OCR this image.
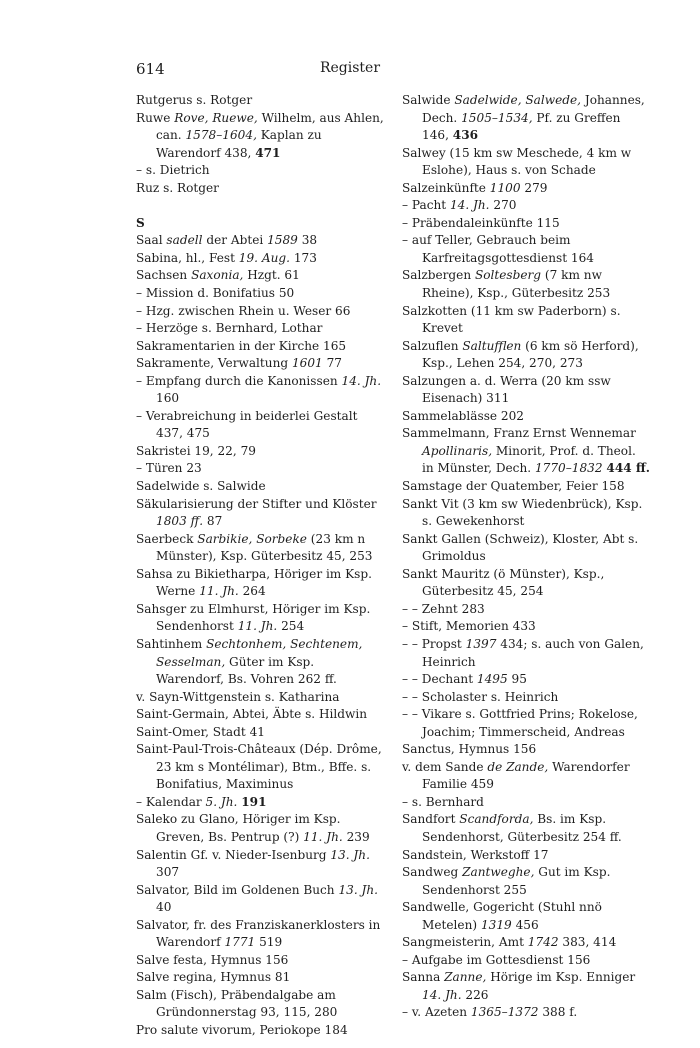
614	Register
Rutgerus s. Rotger
Ruwe Rove, Ruewe, Wilhelm, aus Ahlen, can. 1578–1604, Kaplan zu Warendorf 438, 471
– s. Dietrich
Ruz s. Rotger
S
Saal sadell der Abtei 1589 38
Sabina, hl., Fest 19. Aug. 173
Sachsen Saxonia, Hzgt. 61
– Mission d. Bonifatius 50
– Hzg. zwischen Rhein u. Weser 66
– Herzöge s. Bernhard, Lothar
Sakramentarien in der Kirche 165
Sakramente, Verwaltung 1601 77
– Empfang durch die Kanonissen 14. Jh. 160
– Verabreichung in beiderlei Gestalt 437, 475
Sakristei 19, 22, 79
– Türen 23
Sadelwide s. Salwide
Säkularisierung der Stifter und Klöster 1803 ff. 87
Saerbeck Sarbikie, Sorbeke (23 km n Münster), Ksp. Güterbesitz 45, 253
Sahsa zu Bikietharpa, Höriger im Ksp. Werne 11. Jh. 264
Sahsger zu Elmhurst, Höriger im Ksp. Sendenhorst 11. Jh. 254
Sahtinhem Sechtonhem, Sechtenem, Sesselman, Güter im Ksp. Warendorf, Bs. Vohren 262 ff.
v. Sayn-Wittgenstein s. Katharina
Saint-Germain, Abtei, Äbte s. Hildwin
Saint-Omer, Stadt 41
Saint-Paul-Trois-Châteaux (Dép. Drôme, 23 km s Montélimar), Btm., Bffe. s. Bonifatius, Maximinus
– Kalendar 5. Jh. 191
Saleko zu Glano, Höriger im Ksp. Greven, Bs. Pentrup (?) 11. Jh. 239
Salentin Gf. v. Nieder-Isenburg 13. Jh. 307
Salvator, Bild im Goldenen Buch 13. Jh. 40
Salvator, fr. des Franziskanerklosters in Warendorf 1771 519
Salve festa, Hymnus 156
Salve regina, Hymnus 81
Salm (Fisch), Präbendalgabe am Gründonnerstag 93, 115, 280
Pro salute vivorum, Periokope 184
Salwide Sadelwide, Salwede, Johannes, Dech. 1505–1534, Pf. zu Greffen 146, 436
Salwey (15 km sw Meschede, 4 km w Eslohe), Haus s. von Schade
Salzeinkünfte 1100 279
– Pacht 14. Jh. 270
– Präbendaleinkünfte 115
– auf Teller, Gebrauch beim Karfreitagsgottesdienst 164
Salzbergen Soltesberg (7 km nw Rheine), Ksp., Güterbesitz 253
Salzkotten (11 km sw Paderborn) s. Krevet
Salzuflen Saltufflen (6 km sö Herford), Ksp., Lehen 254, 270, 273
Salzungen a. d. Werra (20 km ssw Eisenach) 311
Sammelablässe 202
Sammelmann, Franz Ernst Wennemar Apollinaris, Minorit, Prof. d. Theol. in Münster, Dech. 1770–1832 444 ff.
Samstage der Quatember, Feier 158
Sankt Vit (3 km sw Wiedenbrück), Ksp. s. Gewekenhorst
Sankt Gallen (Schweiz), Kloster, Abt s. Grimoldus
Sankt Mauritz (ö Münster), Ksp., Güterbesitz 45, 254
– – Zehnt 283
– Stift, Memorien 433
– – Propst 1397 434; s. auch von Galen, Heinrich
– – Dechant 1495 95
– – Scholaster s. Heinrich
– – Vikare s. Gottfried Prins; Rokelose, Joachim; Timmerscheid, Andreas
Sanctus, Hymnus 156
v. dem Sande de Zande, Warendorfer Familie 459
– s. Bernhard
Sandfort Scandforda, Bs. im Ksp. Sendenhorst, Güterbesitz 254 ff.
Sandstein, Werkstoff 17
Sandweg Zantweghe, Gut im Ksp. Sendenhorst 255
Sandwelle, Gogericht (Stuhl nnö Metelen) 1319 456
Sangmeisterin, Amt 1742 383, 414
– Aufgabe im Gottesdienst 156
Sanna Zanne, Hörige im Ksp. Enniger 14. Jh. 226
– v. Azeten 1365–1372 388 f.
